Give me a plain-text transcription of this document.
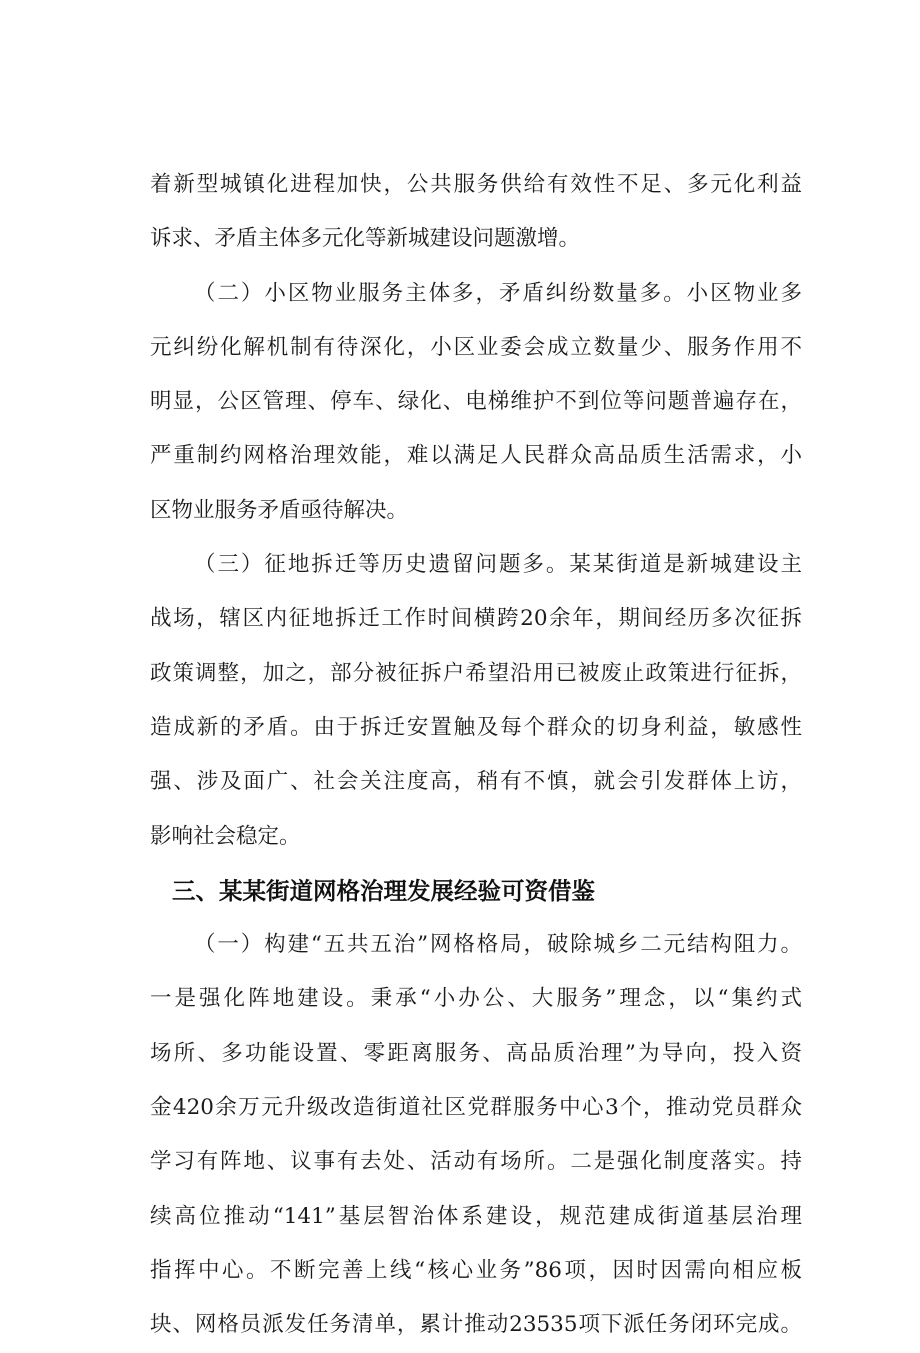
着新型城镇化进程加快，公共服务供给有效性不足、多元化利益
诉求、矛盾主体多元化等新城建设问题激增。
（二）小区物业服务主体多，矛盾纠纷数量多。小区物业多
元纠纷化解机制有待深化，小区业委会成立数量少、服务作用不
明显，公区管理、停车、绿化、电梯维护不到位等问题普遍存在，
严重制约网格治理效能，难以满足人民群众高品质生活需求，小
区物业服务矛盾亟待解决。
（三）征地拆迁等历史遗留问题多。某某街道是新城建设主
战场，辖区内征地拆迁工作时间横跨20余年，期间经历多次征拆
政策调整，加之，部分被征拆户希望沿用已被废止政策进行征拆，
造成新的矛盾。由于拆迁安置触及每个群众的切身利益，敏感性
强、涉及面广、社会关注度高，稍有不慎，就会引发群体上访，
影响社会稳定。
三、某某街道网格治理发展经验可资借鉴
（一）构建“五共五治”网格格局，破除城乡二元结构阻力。
一是强化阵地建设。秉承“小办公、大服务”理念，以“集约式
场所、多功能设置、零距离服务、高品质治理”为导向，投入资
金420余万元升级改造街道社区党群服务中心3个，推动党员群众
学习有阵地、议事有去处、活动有场所。二是强化制度落实。持
续高位推动“141”基层智治体系建设，规范建成街道基层治理
指挥中心。不断完善上线“核心业务”86项，因时因需向相应板
块、网格员派发任务清单，累计推动23535项下派任务闭环完成。
